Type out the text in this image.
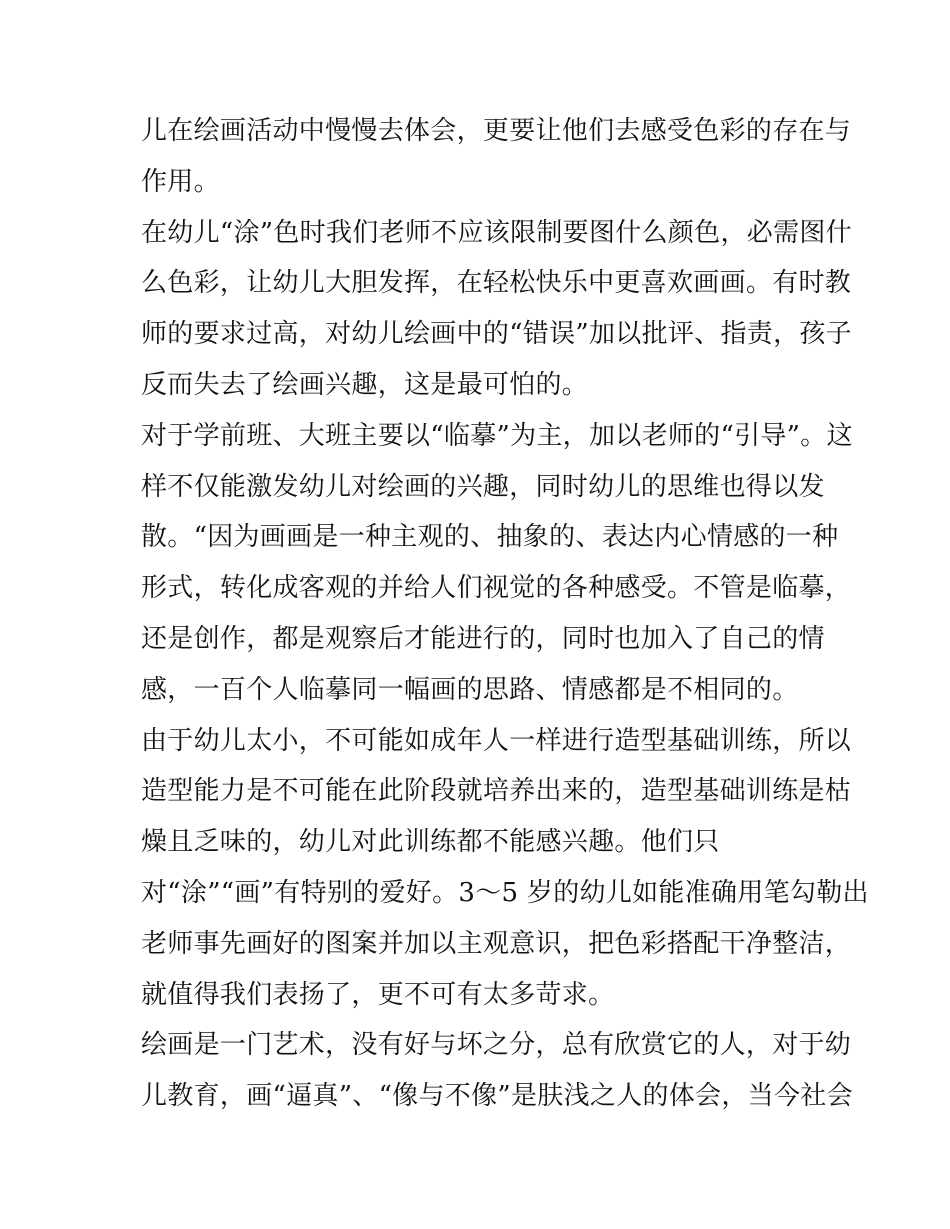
儿在绘画活动中慢慢去体会，更要让他们去感受色彩的存在与
作用。
在幼儿“涂”色时我们老师不应该限制要图什么颜色，必需图什
么色彩，让幼儿大胆发挥，在轻松快乐中更喜欢画画。有时教
师的要求过高，对幼儿绘画中的“错误”加以批评、指责，孩子
反而失去了绘画兴趣，这是最可怕的。
对于学前班、大班主要以“临摹”为主，加以老师的“引导”。这
样不仅能激发幼儿对绘画的兴趣，同时幼儿的思维也得以发
散。“因为画画是一种主观的、抽象的、表达内心情感的一种
形式，转化成客观的并给人们视觉的各种感受。不管是临摹，
还是创作，都是观察后才能进行的，同时也加入了自己的情
感，一百个人临摹同一幅画的思路、情感都是不相同的。
由于幼儿太小，不可能如成年人一样进行造型基础训练，所以
造型能力是不可能在此阶段就培养出来的，造型基础训练是枯
燥且乏味的，幼儿对此训练都不能感兴趣。他们只
对“涂”“画”有特别的爱好。3～5 岁的幼儿如能准确用笔勾勒出
老师事先画好的图案并加以主观意识，把色彩搭配干净整洁，
就值得我们表扬了，更不可有太多苛求。
绘画是一门艺术，没有好与坏之分，总有欣赏它的人，对于幼
儿教育，画“逼真”、“像与不像”是肤浅之人的体会，当今社会
